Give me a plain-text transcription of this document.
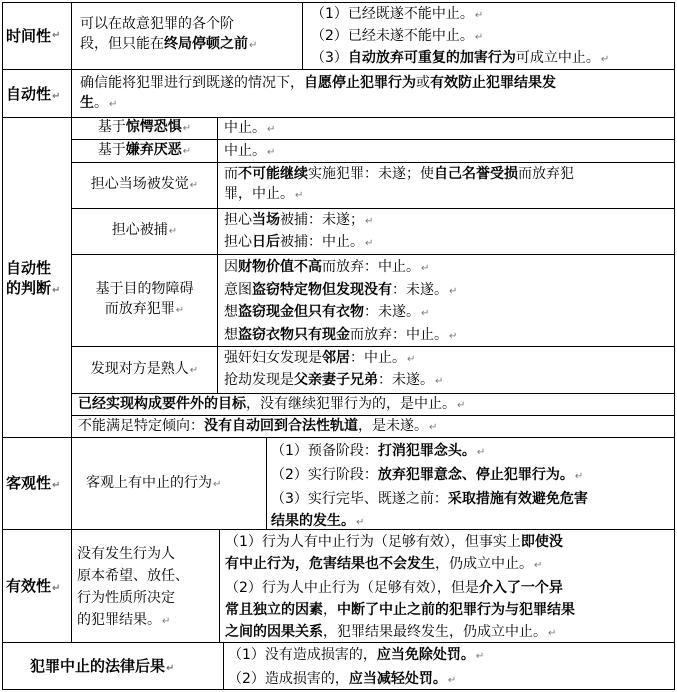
时间性 ↵
可以在故意犯罪的各个阶
段，但只能在终局停顿之前↵
（1）已经既遂不能中止。↵
（2）已经未遂不能中止。↵
（3）自动放弃可重复的加害行为可成立中止。↵
自动性↵
确信能将犯罪进行到既遂的情况下，自愿停止犯罪行为或有效防止犯罪结果发
生。↵
自动性
的判断↵
基于惊愕恐惧↵ 中止。↵
基于嫌弃厌恶↵ 中止。↵
担心当场被发觉↵
而不可能继续实施犯罪：未遂；使自己名誉受损而放弃犯
罪，中止。↵
担心被捕↵
担心当场被捕：未遂；↵
担心日后被捕：中止。↵
基于目的物障碍
而放弃犯罪↵
因财物价值不高而放弃：中止。↵
意图盗窃特定物但发现没有：未遂。↵
想盗窃现金但只有衣物：未遂。↵
想盗窃衣物只有现金而放弃：中止。↵
发现对方是熟人↵
强奸妇女发现是邻居：中止。↵
抢劫发现是父亲妻子兄弟：未遂。↵
已经实现构成要件外的目标，没有继续犯罪行为的，是中止。↵
不能满足特定倾向：没有自动回到合法性轨道，是未遂。↵
客观性↵ 客观上有中止的行为↵
（1）预备阶段：打消犯罪念头。↵
（2）实行阶段：放弃犯罪意念、停止犯罪行为。↵
（3）实行完毕、既遂之前：采取措施有效避免危害
结果的发生。↵
有效性↵
没有发生行为人
原本希望、放任、
行为性质所决定
的犯罪结果。↵
（1）行为人有中止行为（足够有效），但事实上即使没
有中止行为，危害结果也不会发生，仍成立中止。↵
（2）行为人中止行为（足够有效），但是介入了一个异
常且独立的因素，中断了中止之前的犯罪行为与犯罪结果
之间的因果关系，犯罪结果最终发生，仍成立中止。↵
犯罪中止的法律后果↵
（1）没有造成损害的，应当免除处罚。↵
（2）造成损害的，应当减轻处罚。↵
